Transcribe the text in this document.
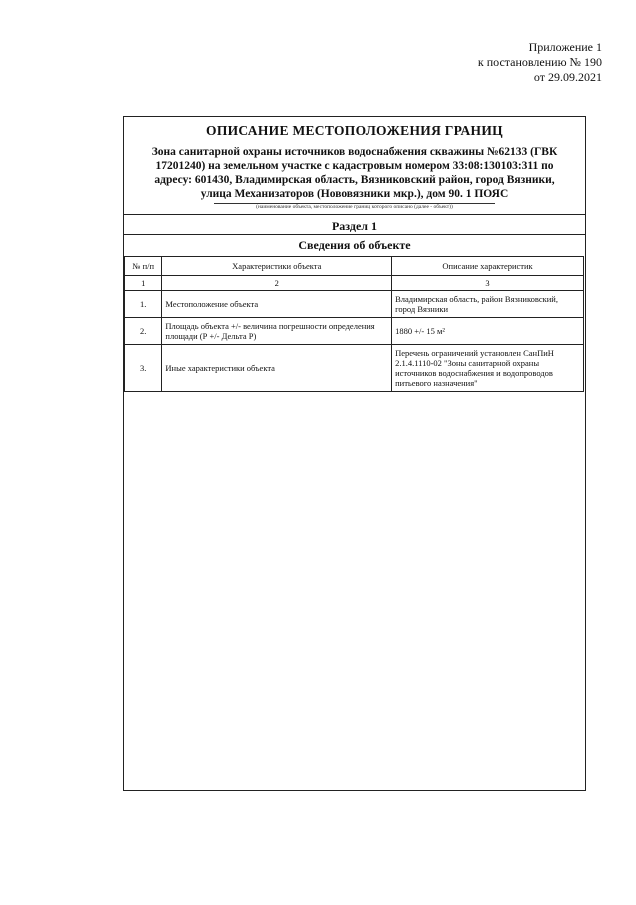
Приложение 1
к постановлению № 190
от 29.09.2021
ОПИСАНИЕ МЕСТОПОЛОЖЕНИЯ ГРАНИЦ
Зона санитарной охраны источников водоснабжения скважины №62133 (ГВК
17201240) на земельном участке с кадастровым номером 33:08:130103:311 по
адресу: 601430, Владимирская область, Вязниковский район, город Вязники,
улица Механизаторов (Нововязники мкр.), дом 90. 1 ПОЯС
(наименование объекта, местоположение границ которого описано (далее - объект))
Раздел 1
Сведения об объекте
№ п/п	Характеристики объекта	Описание характеристик
1	2	3
1.	Местоположение объекта	Владимирская область, район Вязниковский, город Вязники
2.	Площадь объекта +/- величина погрешности определения площади (Р +/- Дельта Р)	1880 +/- 15 м²
3.	Иные характеристики объекта	Перечень ограничений установлен СанПиН 2.1.4.1110-02 "Зоны санитарной охраны источников водоснабжения и водопроводов питьевого назначения"
